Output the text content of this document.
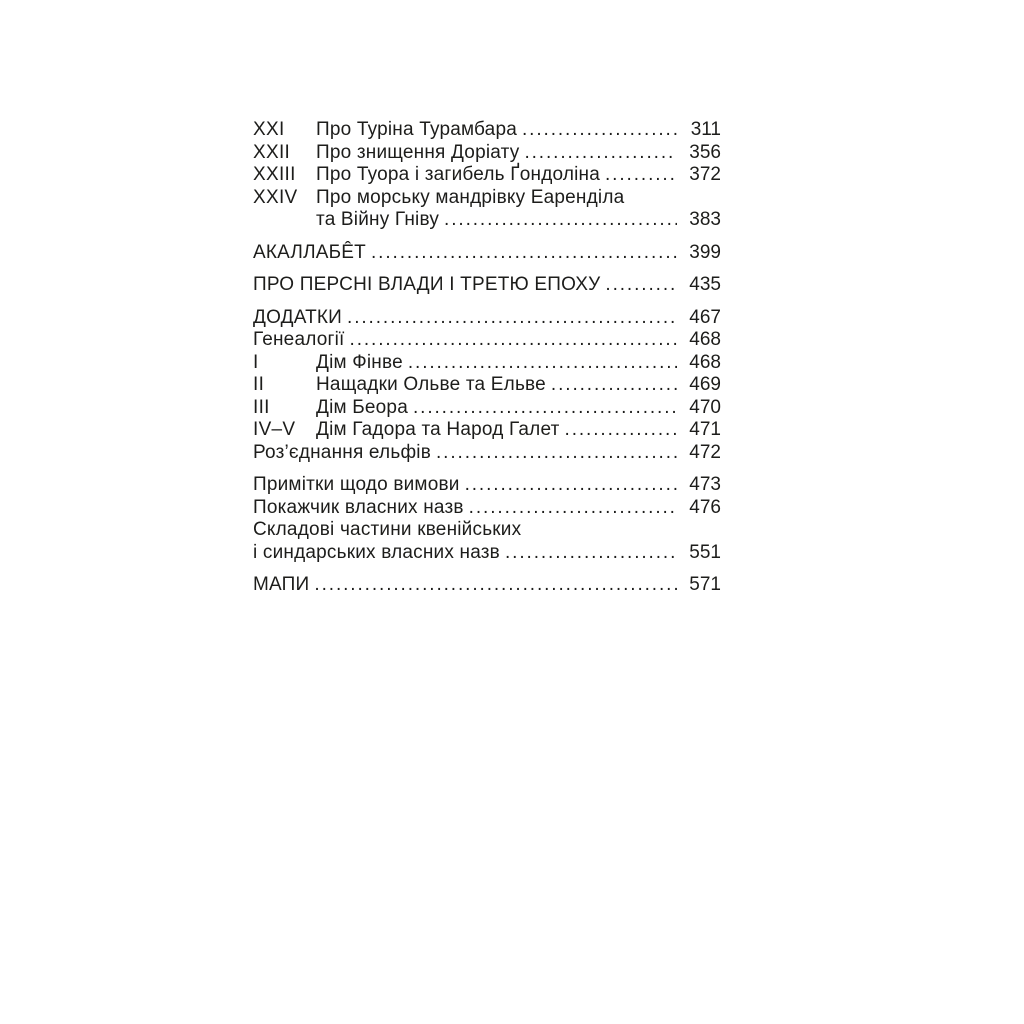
XXI	Про Туріна Турамбара .....	311
XXII	Про знищення Доріату .....	356
XXIII	Про Туора і загибель Ґондоліна .....	372
XXIV Про морську мандрівку Еаренділа
та Війну Гніву .....	383
АКАЛЛАБÊТ .....	399
ПРО ПЕРСНІ ВЛАДИ І ТРЕТЮ ЕПОХУ .....	435
ДОДАТКИ .....	467
Генеалогії .....	468
I	Дім Фінве .....	468
II	Нащадки Ольве та Ельве .....	469
III	Дім Беора .....	470
IV–V	Дім Гадора та Народ Галет .....	471
Роз’єднання ельфів .....	472
Примітки щодо вимови .....	473
Покажчик власних назв .....	476
Складові частини квенійських
і синдарських власних назв .....	551
МАПИ .....	571
